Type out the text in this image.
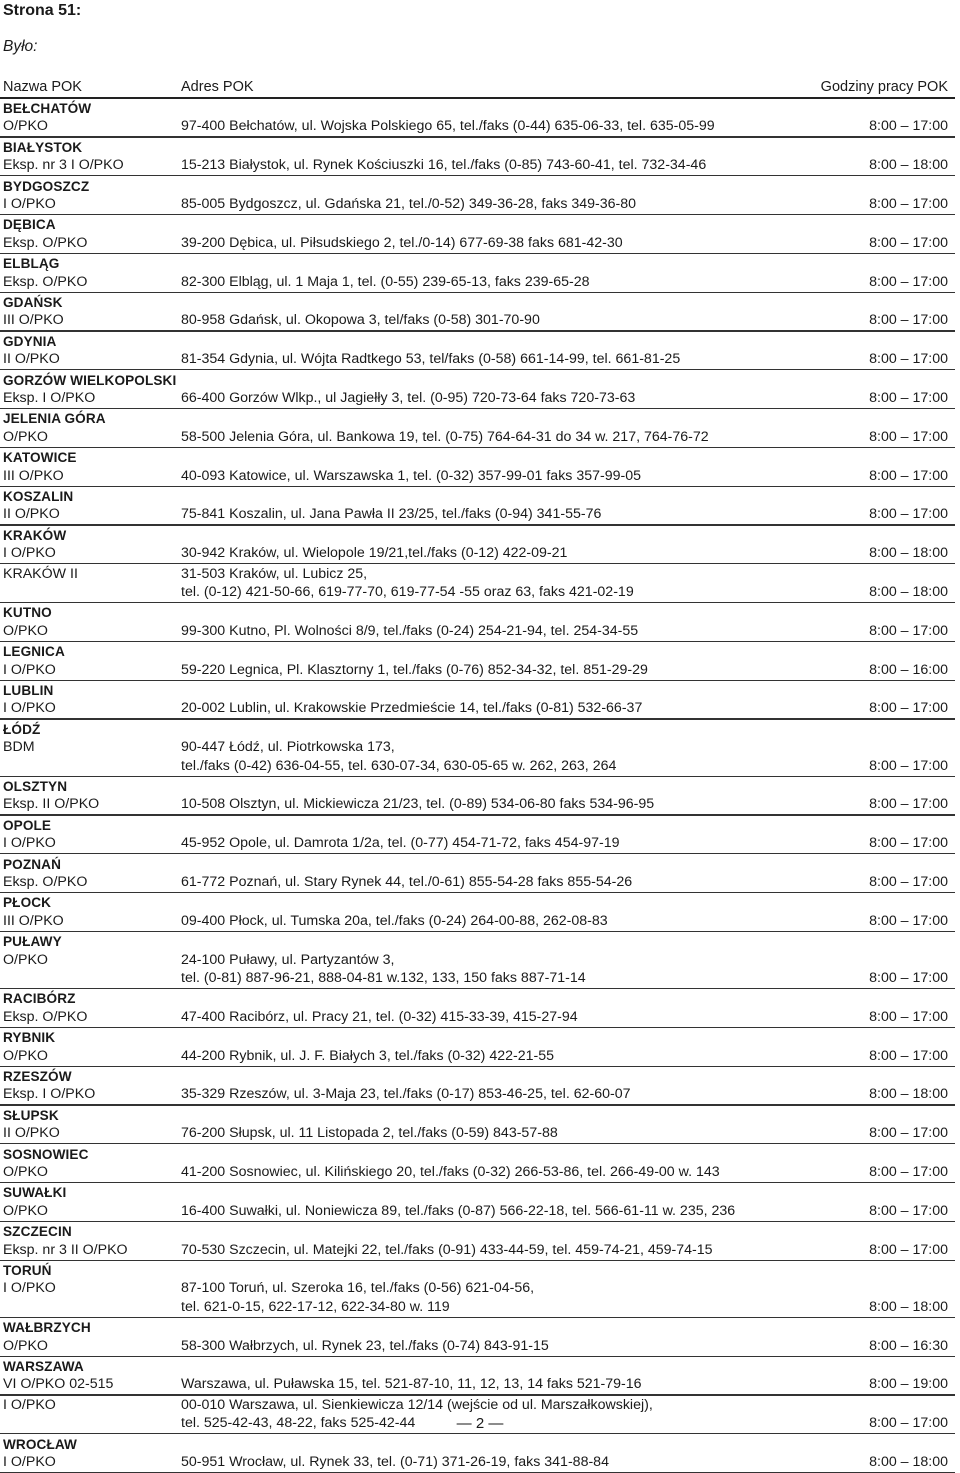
Strona 51:
Było:
Nazwa POK	Adres POK	Godziny pracy POK
BEŁCHATÓW
O/PKO	97-400 Bełchatów, ul. Wojska Polskiego 65, tel./faks (0-44) 635-06-33, tel. 635-05-99	8:00 – 17:00
BIAŁYSTOK
Eksp. nr 3 I O/PKO	15-213 Białystok, ul. Rynek Kościuszki 16, tel./faks (0-85) 743-60-41, tel. 732-34-46	8:00 – 18:00
BYDGOSZCZ
I O/PKO	85-005 Bydgoszcz, ul. Gdańska 21, tel./0-52) 349-36-28, faks 349-36-80	8:00 – 17:00
DĘBICA
Eksp. O/PKO	39-200 Dębica, ul. Piłsudskiego 2, tel./0-14) 677-69-38 faks 681-42-30	8:00 – 17:00
ELBLĄG
Eksp. O/PKO	82-300 Elbląg, ul. 1 Maja 1, tel. (0-55) 239-65-13, faks 239-65-28	8:00 – 17:00
GDAŃSK
III O/PKO	80-958 Gdańsk, ul. Okopowa 3, tel/faks (0-58) 301-70-90	8:00 – 17:00
GDYNIA
II O/PKO	81-354 Gdynia, ul. Wójta Radtkego 53, tel/faks (0-58) 661-14-99, tel. 661-81-25	8:00 – 17:00
GORZÓW WIELKOPOLSKI
Eksp. I O/PKO	66-400 Gorzów Wlkp., ul Jagiełły 3, tel. (0-95) 720-73-64 faks 720-73-63	8:00 – 17:00
JELENIA GÓRA
O/PKO	58-500 Jelenia Góra, ul. Bankowa 19, tel. (0-75) 764-64-31 do 34 w. 217, 764-76-72	8:00 – 17:00
KATOWICE
III O/PKO	40-093 Katowice, ul. Warszawska 1, tel. (0-32) 357-99-01 faks 357-99-05	8:00 – 17:00
KOSZALIN
II O/PKO	75-841 Koszalin, ul. Jana Pawła II 23/25, tel./faks (0-94) 341-55-76	8:00 – 17:00
KRAKÓW
I O/PKO	30-942 Kraków, ul. Wielopole 19/21,tel./faks (0-12) 422-09-21	8:00 – 18:00
KRAKÓW II	31-503 Kraków, ul. Lubicz 25,
tel. (0-12) 421-50-66, 619-77-70, 619-77-54 -55 oraz 63, faks 421-02-19	8:00 – 18:00
KUTNO
O/PKO	99-300 Kutno, Pl. Wolności 8/9, tel./faks (0-24) 254-21-94, tel. 254-34-55	8:00 – 17:00
LEGNICA
I O/PKO	59-220 Legnica, Pl. Klasztorny 1, tel./faks (0-76) 852-34-32, tel. 851-29-29	8:00 – 16:00
LUBLIN
I O/PKO	20-002 Lublin, ul. Krakowskie Przedmieście 14, tel./faks (0-81) 532-66-37	8:00 – 17:00
ŁÓDŹ
BDM	90-447 Łódź, ul. Piotrkowska 173,
tel./faks (0-42) 636-04-55, tel. 630-07-34, 630-05-65 w. 262, 263, 264	8:00 – 17:00
OLSZTYN
Eksp. II O/PKO	10-508 Olsztyn, ul. Mickiewicza 21/23, tel. (0-89) 534-06-80 faks 534-96-95	8:00 – 17:00
OPOLE
I O/PKO	45-952 Opole, ul. Damrota 1/2a, tel. (0-77) 454-71-72, faks 454-97-19	8:00 – 17:00
POZNAŃ
Eksp. O/PKO	61-772 Poznań, ul. Stary Rynek 44, tel./0-61) 855-54-28 faks 855-54-26	8:00 – 17:00
PŁOCK
III O/PKO	09-400 Płock, ul. Tumska 20a, tel./faks (0-24) 264-00-88, 262-08-83	8:00 – 17:00
PUŁAWY
O/PKO	24-100 Puławy, ul. Partyzantów 3,
tel. (0-81) 887-96-21, 888-04-81 w.132, 133, 150 faks 887-71-14	8:00 – 17:00
RACIBÓRZ
Eksp. O/PKO	47-400 Racibórz, ul. Pracy 21, tel. (0-32) 415-33-39, 415-27-94	8:00 – 17:00
RYBNIK
O/PKO	44-200 Rybnik, ul. J. F. Białych 3, tel./faks (0-32) 422-21-55	8:00 – 17:00
RZESZÓW
Eksp. I O/PKO	35-329 Rzeszów, ul. 3-Maja 23, tel./faks (0-17) 853-46-25, tel. 62-60-07	8:00 – 18:00
SŁUPSK
II O/PKO	76-200 Słupsk, ul. 11 Listopada 2, tel./faks (0-59) 843-57-88	8:00 – 17:00
SOSNOWIEC
O/PKO	41-200 Sosnowiec, ul. Kilińskiego 20, tel./faks (0-32) 266-53-86, tel. 266-49-00 w. 143	8:00 – 17:00
SUWAŁKI
O/PKO	16-400 Suwałki, ul. Noniewicza 89, tel./faks (0-87) 566-22-18, tel. 566-61-11 w. 235, 236	8:00 – 17:00
SZCZECIN
Eksp. nr 3 II O/PKO	70-530 Szczecin, ul. Matejki 22, tel./faks (0-91) 433-44-59, tel. 459-74-21, 459-74-15	8:00 – 17:00
TORUŃ
I O/PKO	87-100 Toruń, ul. Szeroka 16, tel./faks (0-56) 621-04-56,
tel. 621-0-15, 622-17-12, 622-34-80 w. 119	8:00 – 18:00
WAŁBRZYCH
O/PKO	58-300 Wałbrzych, ul. Rynek 23, tel./faks (0-74) 843-91-15	8:00 – 16:30
WARSZAWA
VI O/PKO 02-515	Warszawa, ul. Puławska 15, tel. 521-87-10, 11, 12, 13, 14 faks 521-79-16	8:00 – 19:00
I O/PKO	00-010 Warszawa, ul. Sienkiewicza 12/14 (wejście od ul. Marszałkowskiej),
tel. 525-42-43, 48-22, faks 525-42-44	8:00 – 17:00
WROCŁAW
I O/PKO	50-951 Wrocław, ul. Rynek 33, tel. (0-71) 371-26-19, faks 341-88-84	8:00 – 18:00
— 2 —
